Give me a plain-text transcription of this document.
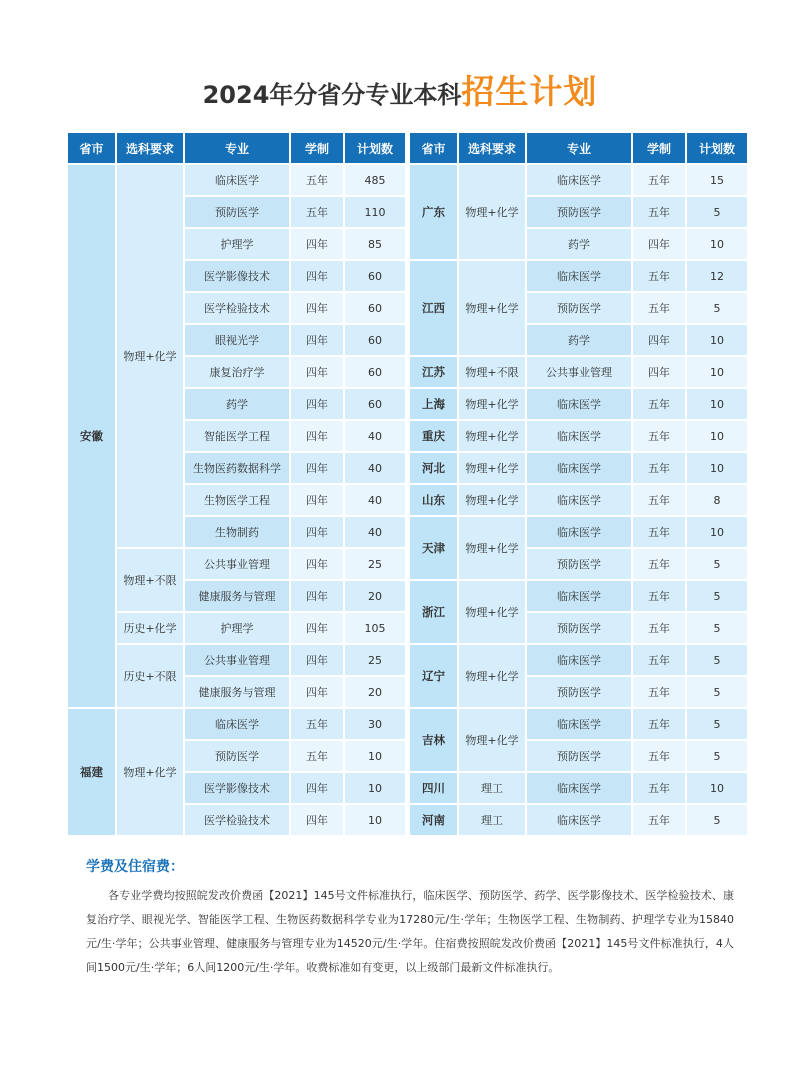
2024年分省分专业本科招生计划
省市	选科要求	专业	学制	计划数
安徽	物理+化学	临床医学	五年	485
		预防医学	五年	110
		护理学	四年	85
		医学影像技术	四年	60
		医学检验技术	四年	60
		眼视光学	四年	60
		康复治疗学	四年	60
		药学	四年	60
		智能医学工程	四年	40
		生物医药数据科学	四年	40
		生物医学工程	四年	40
		生物制药	四年	40
	物理+不限	公共事业管理	四年	25
		健康服务与管理	四年	20
	历史+化学	护理学	四年	105
	历史+不限	公共事业管理	四年	25
		健康服务与管理	四年	20
福建	物理+化学	临床医学	五年	30
		预防医学	五年	10
		医学影像技术	四年	10
		医学检验技术	四年	10
省市	选科要求	专业	学制	计划数
广东	物理+化学	临床医学	五年	15
		预防医学	五年	5
		药学	四年	10
江西	物理+化学	临床医学	五年	12
		预防医学	五年	5
		药学	四年	10
江苏	物理+不限	公共事业管理	四年	10
上海	物理+化学	临床医学	五年	10
重庆	物理+化学	临床医学	五年	10
河北	物理+化学	临床医学	五年	10
山东	物理+化学	临床医学	五年	8
天津	物理+化学	临床医学	五年	10
		预防医学	五年	5
浙江	物理+化学	临床医学	五年	5
		预防医学	五年	5
辽宁	物理+化学	临床医学	五年	5
		预防医学	五年	5
吉林	物理+化学	临床医学	五年	5
		预防医学	五年	5
四川	理工	临床医学	五年	10
河南	理工	临床医学	五年	5
学费及住宿费：
各专业学费均按照皖发改价费函【2021】145号文件标准执行，临床医学、预防医学、药学、医学影像技术、医学检验技术、康复治疗学、眼视光学、智能医学工程、生物医药数据科学专业为17280元/生·学年；生物医学工程、生物制药、护理学专业为15840元/生·学年；公共事业管理、健康服务与管理专业为14520元/生·学年。住宿费按照皖发改价费函【2021】145号文件标准执行，4人间1500元/生·学年；6人间1200元/生·学年。收费标准如有变更，以上级部门最新文件标准执行。
